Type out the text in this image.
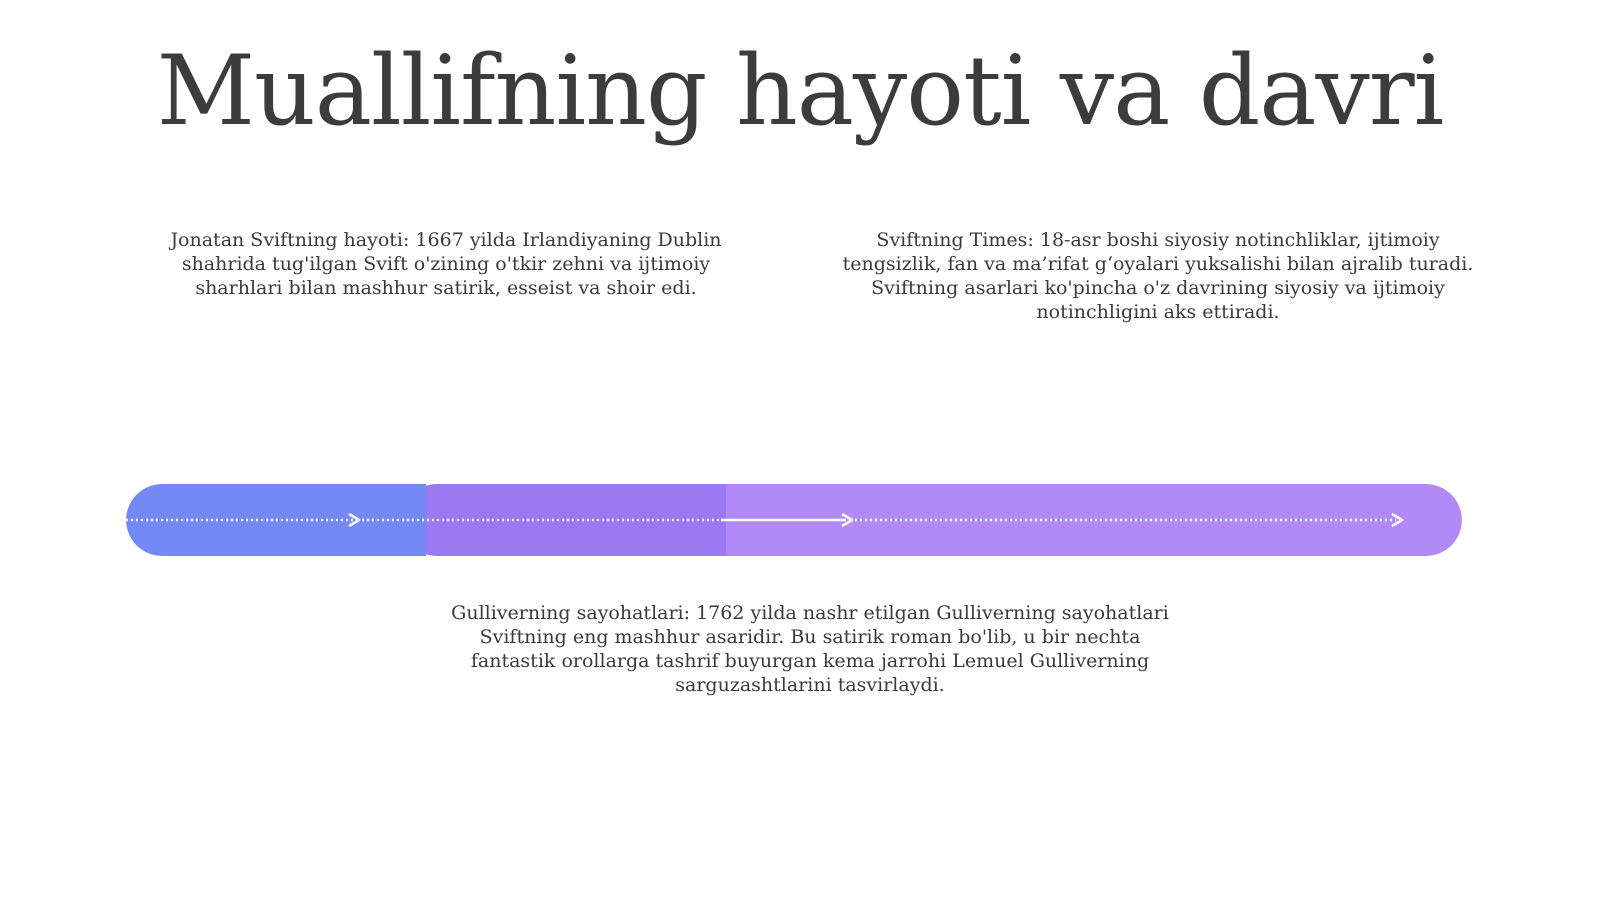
Muallifning hayoti va davri
Jonatan Sviftning hayoti: 1667 yilda Irlandiyaning Dublin shahrida tug'ilgan Svift o'zining o'tkir zehni va ijtimoiy sharhlari bilan mashhur satirik, esseist va shoir edi.
Sviftning Times: 18-asr boshi siyosiy notinchliklar, ijtimoiy tengsizlik, fan va ma’rifat g‘oyalari yuksalishi bilan ajralib turadi. Sviftning asarlari ko'pincha o'z davrining siyosiy va ijtimoiy notinchligini aks ettiradi.
Gulliverning sayohatlari: 1762 yilda nashr etilgan Gulliverning sayohatlari Sviftning eng mashhur asaridir. Bu satirik roman bo'lib, u bir nechta fantastik orollarga tashrif buyurgan kema jarrohi Lemuel Gulliverning sarguzashtlarini tasvirlaydi.
